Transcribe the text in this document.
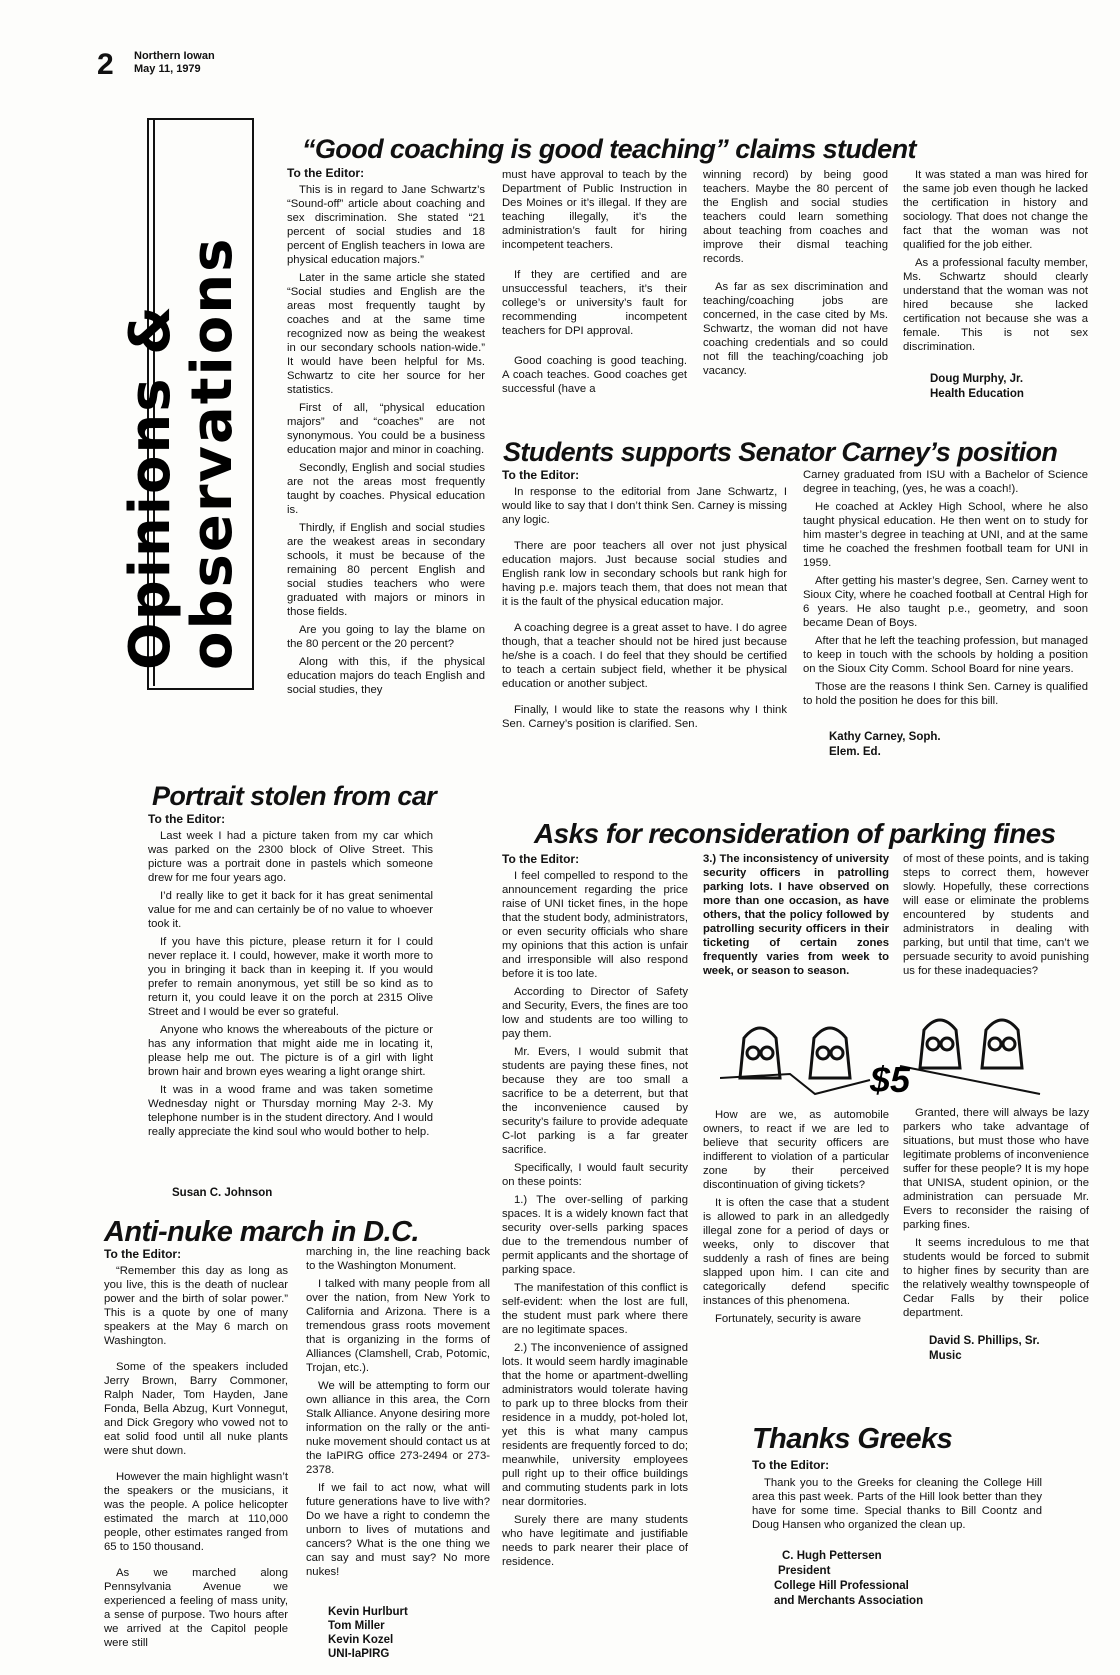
2 Northern Iowan
May 11, 1979
Opinions &
observations
“Good coaching is good teaching” claims student
To the Editor:

This is in regard to Jane Schwartz’s “Sound-off” article about coaching and sex discrimination. She stated “21 percent of social studies and 18 percent of English teachers in Iowa are physical education majors.”

Later in the same article she stated “Social studies and English are the areas most frequently taught by coaches and at the same time recognized now as being the weakest in our secondary schools nation-wide.” It would have been helpful for Ms. Schwartz to cite her source for her statistics.

First of all, “physical education majors” and “coaches” are not synonymous. You could be a business education major and minor in coaching.

Secondly, English and social studies are not the areas most frequently taught by coaches. Physical education is.

Thirdly, if English and social studies are the weakest areas in secondary schools, it must be because of the remaining 80 percent English and social studies teachers who were graduated with majors or minors in those fields.

Are you going to lay the blame on the 80 percent or the 20 percent?

Along with this, if the physical education majors do teach English and social studies, they

must have approval to teach by the Department of Public Instruction in Des Moines or it’s illegal. If they are teaching illegally, it’s the administration’s fault for hiring incompetent teachers.

If they are certified and are unsuccessful teachers, it’s their college’s or university’s fault for recommending incompetent teachers for DPI approval.

Good coaching is good teaching. A coach teaches. Good coaches get successful (have a

winning record) by being good teachers. Maybe the 80 percent of the English and social studies teachers could learn something about teaching from coaches and improve their dismal teaching records.

As far as sex discrimination and teaching/coaching jobs are concerned, in the case cited by Ms. Schwartz, the woman did not have coaching credentials and so could not fill the teaching/coaching job vacancy.

It was stated a man was hired for the same job even though he lacked the certification in history and sociology. That does not change the fact that the woman was not qualified for the job either.

As a professional faculty member, Ms. Schwartz should clearly understand that the woman was not hired because she lacked certification not because she was a female. This is not sex discrimination.

Doug Murphy, Jr.
Health Education
Students supports Senator Carney’s position
To the Editor:

In response to the editorial from Jane Schwartz, I would like to say that I don’t think Sen. Carney is missing any logic.

There are poor teachers all over not just physical education majors. Just because social studies and English rank low in secondary schools but rank high for having p.e. majors teach them, that does not mean that it is the fault of the physical education major.

A coaching degree is a great asset to have. I do agree though, that a teacher should not be hired just because he/she is a coach. I do feel that they should be certified to teach a certain subject field, whether it be physical education or another subject.

Finally, I would like to state the reasons why I think Sen. Carney’s position is clarified. Sen.

Carney graduated from ISU with a Bachelor of Science degree in teaching, (yes, he was a coach!).

He coached at Ackley High School, where he also taught physical education. He then went on to study for him master’s degree in teaching at UNI, and at the same time he coached the freshmen football team for UNI in 1959.

After getting his master’s degree, Sen. Carney went to Sioux City, where he coached football at Central High for 6 years. He also taught p.e., geometry, and soon became Dean of Boys.

After that he left the teaching profession, but managed to keep in touch with the schools by holding a position on the Sioux City Comm. School Board for nine years.

Those are the reasons I think Sen. Carney is qualified to hold the position he does for this bill.

Kathy Carney, Soph.
Elem. Ed.
Portrait stolen from car
To the Editor:

Last week I had a picture taken from my car which was parked on the 2300 block of Olive Street. This picture was a portrait done in pastels which someone drew for me four years ago.

I’d really like to get it back for it has great senimental value for me and can certainly be of no value to whoever took it.

If you have this picture, please return it for I could never replace it. I could, however, make it worth more to you in bringing it back than in keeping it. If you would prefer to remain anonymous, yet still be so kind as to return it, you could leave it on the porch at 2315 Olive Street and I would be ever so grateful.

Anyone who knows the whereabouts of the picture or has any information that might aide me in locating it, please help me out. The picture is of a girl with light brown hair and brown eyes wearing a light orange shirt.

It was in a wood frame and was taken sometime Wednesday night or Thursday morning May 2-3. My telephone number is in the student directory. And I would really appreciate the kind soul who would bother to help.

Susan C. Johnson
Anti-nuke march in D.C.
To the Editor:

“Remember this day as long as you live, this is the death of nuclear power and the birth of solar power.” This is a quote by one of many speakers at the May 6 march on Washington.

Some of the speakers included Jerry Brown, Barry Commoner, Ralph Nader, Tom Hayden, Jane Fonda, Bella Abzug, Kurt Vonnegut, and Dick Gregory who vowed not to eat solid food until all nuke plants were shut down.

However the main highlight wasn’t the speakers or the musicians, it was the people. A police helicopter estimated the march at 110,000 people, other estimates ranged from 65 to 150 thousand.

As we marched along Pennsylvania Avenue we experienced a feeling of mass unity, a sense of purpose. Two hours after we arrived at the Capitol people were still

marching in, the line reaching back to the Washington Monument.

I talked with many people from all over the nation, from New York to California and Arizona. There is a tremendous grass roots movement that is organizing in the forms of Alliances (Clamshell, Crab, Potomic, Trojan, etc.).

We will be attempting to form our own alliance in this area, the Corn Stalk Alliance. Anyone desiring more information on the rally or the anti-nuke movement should contact us at the IaPIRG office 273-2494 or 273-2378.

If we fail to act now, what will future generations have to live with? Do we have a right to condemn the unborn to lives of mutations and cancers? What is the one thing we can say and must say? No more nukes!

Kevin Hurlburt
Tom Miller
Kevin Kozel
UNI-IaPIRG
Asks for reconsideration of parking fines
To the Editor:

I feel compelled to respond to the announcement regarding the price raise of UNI ticket fines, in the hope that the student body, administrators, or even security officials who share my opinions that this action is unfair and irresponsible will also respond before it is too late.

According to Director of Safety and Security, Evers, the fines are too low and students are too willing to pay them.

Mr. Evers, I would submit that students are paying these fines, not because they are too small a sacrifice to be a deterrent, but that the inconvenience caused by security’s failure to provide adequate C-lot parking is a far greater sacrifice.

Specifically, I would fault security on these points:

1.) The over-selling of parking spaces. It is a widely known fact that security over-sells parking spaces due to the tremendous number of permit applicants and the shortage of parking space.

The manifestation of this conflict is self-evident: when the lost are full, the student must park where there are no legitimate spaces.

2.) The inconvenience of assigned lots. It would seem hardly imaginable that the home or apartment-dwelling administrators would tolerate having to park up to three blocks from their residence in a muddy, pot-holed lot, yet this is what many campus residents are frequently forced to do; meanwhile, university employees pull right up to their office buildings and commuting students park in lots near dormitories.

Surely there are many students who have legitimate and justifiable needs to park nearer their place of residence.

3.) The inconsistency of university security officers in patrolling parking lots. I have observed on more than one occasion, as have others, that the policy followed by patrolling security officers in their ticketing of certain zones frequently varies from week to week, or season to season.

of most of these points, and is taking steps to correct them, however slowly. Hopefully, these corrections will ease or eliminate the problems encountered by students and administrators in dealing with parking, but until that time, can’t we persuade security to avoid punishing us for these inadequacies?

$5

How are we, as automobile owners, to react if we are led to believe that security officers are indifferent to violation of a particular zone by their perceived discontinuation of giving tickets?

It is often the case that a student is allowed to park in an alledgedly illegal zone for a period of days or weeks, only to discover that suddenly a rash of fines are being slapped upon him. I can cite and categorically defend specific instances of this phenomena.

Fortunately, security is aware

Granted, there will always be lazy parkers who take advantage of situations, but must those who have legitimate problems of inconvenience suffer for these people? It is my hope that UNISA, student opinion, or the administration can persuade Mr. Evers to reconsider the raising of parking fines.

It seems incredulous to me that students would be forced to submit to higher fines by security than are the relatively wealthy townspeople of Cedar Falls by their police department.

David S. Phillips, Sr.
Music
Thanks Greeks
To the Editor:

Thank you to the Greeks for cleaning the College Hill area this past week. Parts of the Hill look better than they have for some time. Special thanks to Bill Coontz and Doug Hansen who organized the clean up.

C. Hugh Pettersen
President
College Hill Professional
and Merchants Association
